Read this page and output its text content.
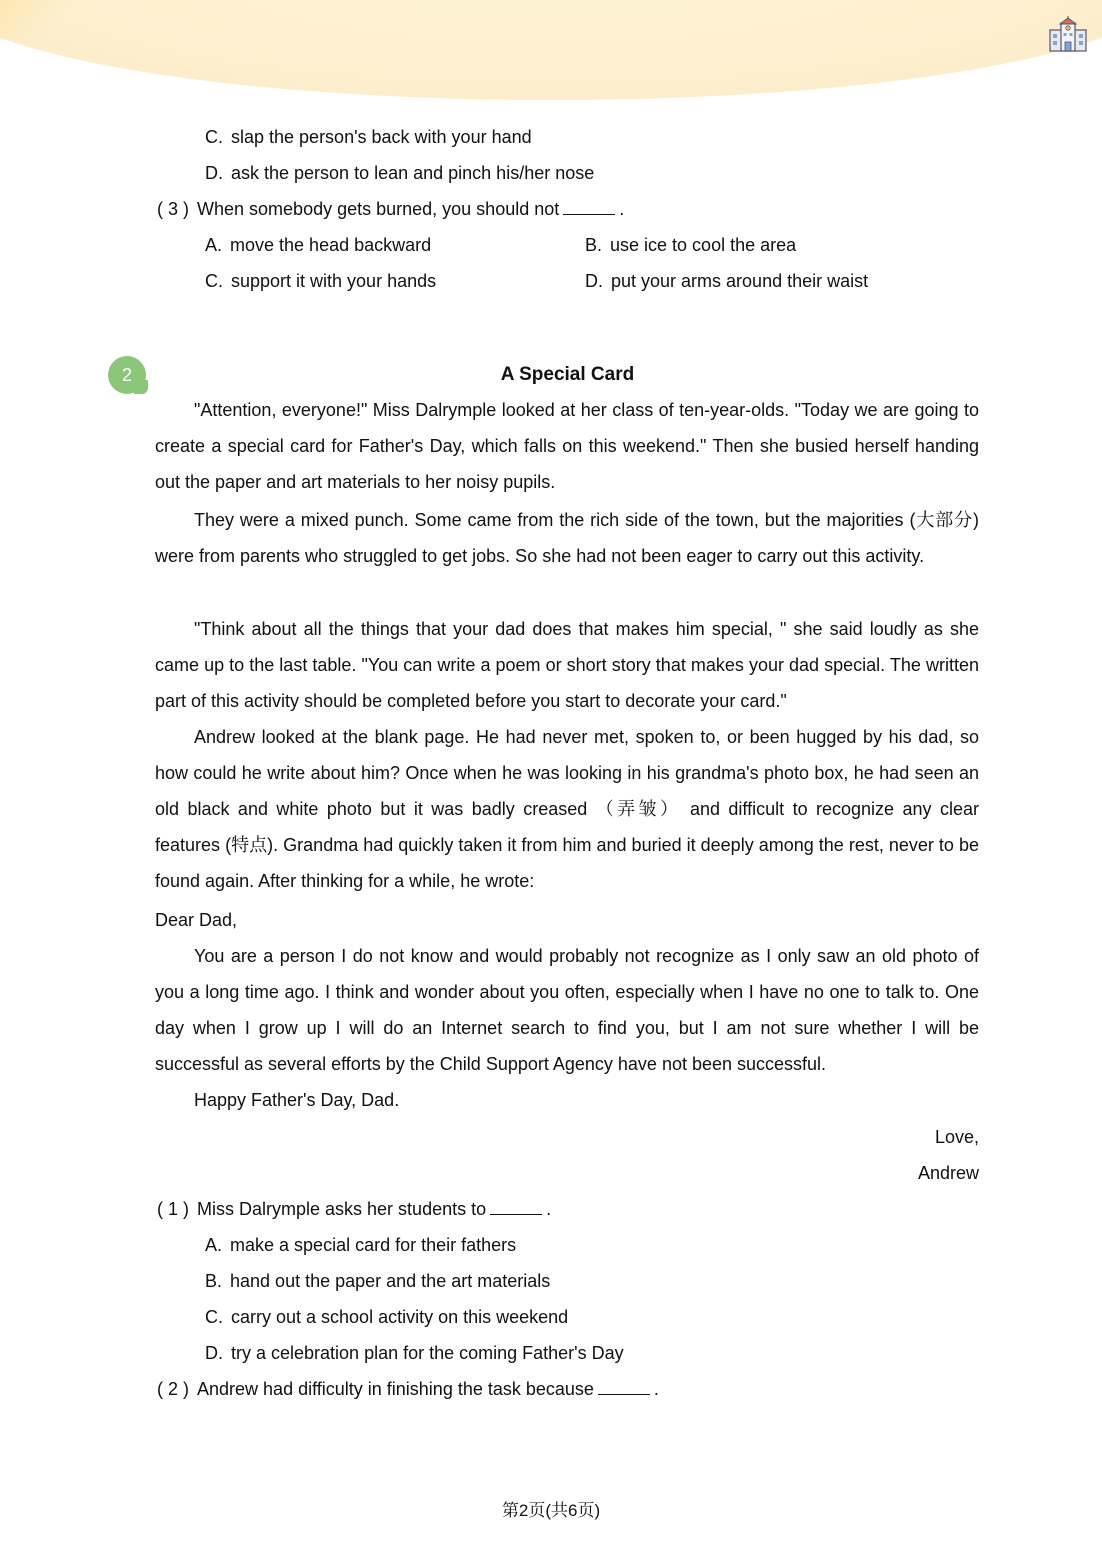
C. slap the person's back with your hand
D. ask the person to lean and pinch his/her nose
( 3 ) When somebody gets burned, you should not	.
A. move the head backward	B. use ice to cool the area
C. support it with your hands	D. put your arms around their waist
2	A Special Card
"Attention, everyone!" Miss Dalrymple looked at her class of ten-year-olds. "Today we are going to create a special card for Father's Day, which falls on this weekend." Then she busied herself handing out the paper and art materials to her noisy pupils.
They were a mixed punch. Some came from the rich side of the town, but the majorities (大部分) were from parents who struggled to get jobs. So she had not been eager to carry out this activity.
"Think about all the things that your dad does that makes him special, " she said loudly as she came up to the last table. "You can write a poem or short story that makes your dad special. The written part of this activity should be completed before you start to decorate your card."
Andrew looked at the blank page. He had never met, spoken to, or been hugged by his dad, so how could he write about him? Once when he was looking in his grandma's photo box, he had seen an old black and white photo but it was badly creased （弄皱） and difficult to recognize any clear features (特点). Grandma had quickly taken it from him and buried it deeply among the rest, never to be found again. After thinking for a while, he wrote:
Dear Dad,
You are a person I do not know and would probably not recognize as I only saw an old photo of you a long time ago. I think and wonder about you often, especially when I have no one to talk to. One day when I grow up I will do an Internet search to find you, but I am not sure whether I will be successful as several efforts by the Child Support Agency have not been successful.
Happy Father's Day, Dad.
Love,
Andrew
( 1 ) Miss Dalrymple asks her students to	.
A. make a special card for their fathers
B. hand out the paper and the art materials
C. carry out a school activity on this weekend
D. try a celebration plan for the coming Father's Day
( 2 ) Andrew had difficulty in finishing the task because	.
第2页(共6页)
